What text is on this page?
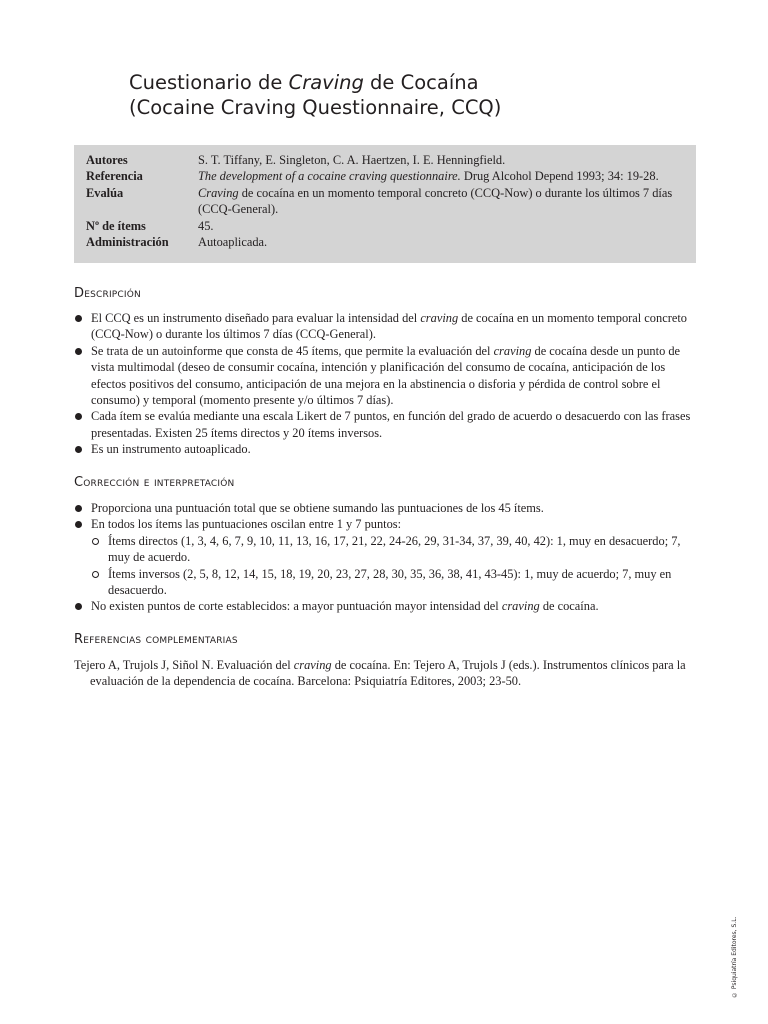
Cuestionario de Craving de Cocaína
(Cocaine Craving Questionnaire, CCQ)
Autores	S. T. Tiffany, E. Singleton, C. A. Haertzen, I. E. Henningfield.
Referencia	The development of a cocaine craving questionnaire. Drug Alcohol Depend 1993; 34: 19-28.
Evalúa	Craving de cocaína en un momento temporal concreto (CCQ-Now) o durante los últimos 7 días (CCQ-General).
Nº de ítems	45.
Administración	Autoaplicada.
Descripción
El CCQ es un instrumento diseñado para evaluar la intensidad del craving de cocaína en un momento temporal concreto (CCQ-Now) o durante los últimos 7 días (CCQ-General).
Se trata de un autoinforme que consta de 45 ítems, que permite la evaluación del craving de cocaína desde un punto de vista multimodal (deseo de consumir cocaína, intención y planificación del consumo de cocaína, anticipación de los efectos positivos del consumo, anticipación de una mejora en la abstinencia o disforia y pérdida de control sobre el consumo) y temporal (momento presente y/o últimos 7 días).
Cada ítem se evalúa mediante una escala Likert de 7 puntos, en función del grado de acuerdo o desacuerdo con las frases presentadas. Existen 25 ítems directos y 20 ítems inversos.
Es un instrumento autoaplicado.
Corrección e interpretación
Proporciona una puntuación total que se obtiene sumando las puntuaciones de los 45 ítems.
En todos los ítems las puntuaciones oscilan entre 1 y 7 puntos:
Ítems directos (1, 3, 4, 6, 7, 9, 10, 11, 13, 16, 17, 21, 22, 24-26, 29, 31-34, 37, 39, 40, 42): 1, muy en desacuerdo; 7, muy de acuerdo.
Ítems inversos (2, 5, 8, 12, 14, 15, 18, 19, 20, 23, 27, 28, 30, 35, 36, 38, 41, 43-45): 1, muy de acuerdo; 7, muy en desacuerdo.
No existen puntos de corte establecidos: a mayor puntuación mayor intensidad del craving de cocaína.
Referencias complementarias
Tejero A, Trujols J, Siñol N. Evaluación del craving de cocaína. En: Tejero A, Trujols J (eds.). Instrumentos clínicos para la evaluación de la dependencia de cocaína. Barcelona: Psiquiatría Editores, 2003; 23-50.
© Psiquiatría Editores, S.L.
